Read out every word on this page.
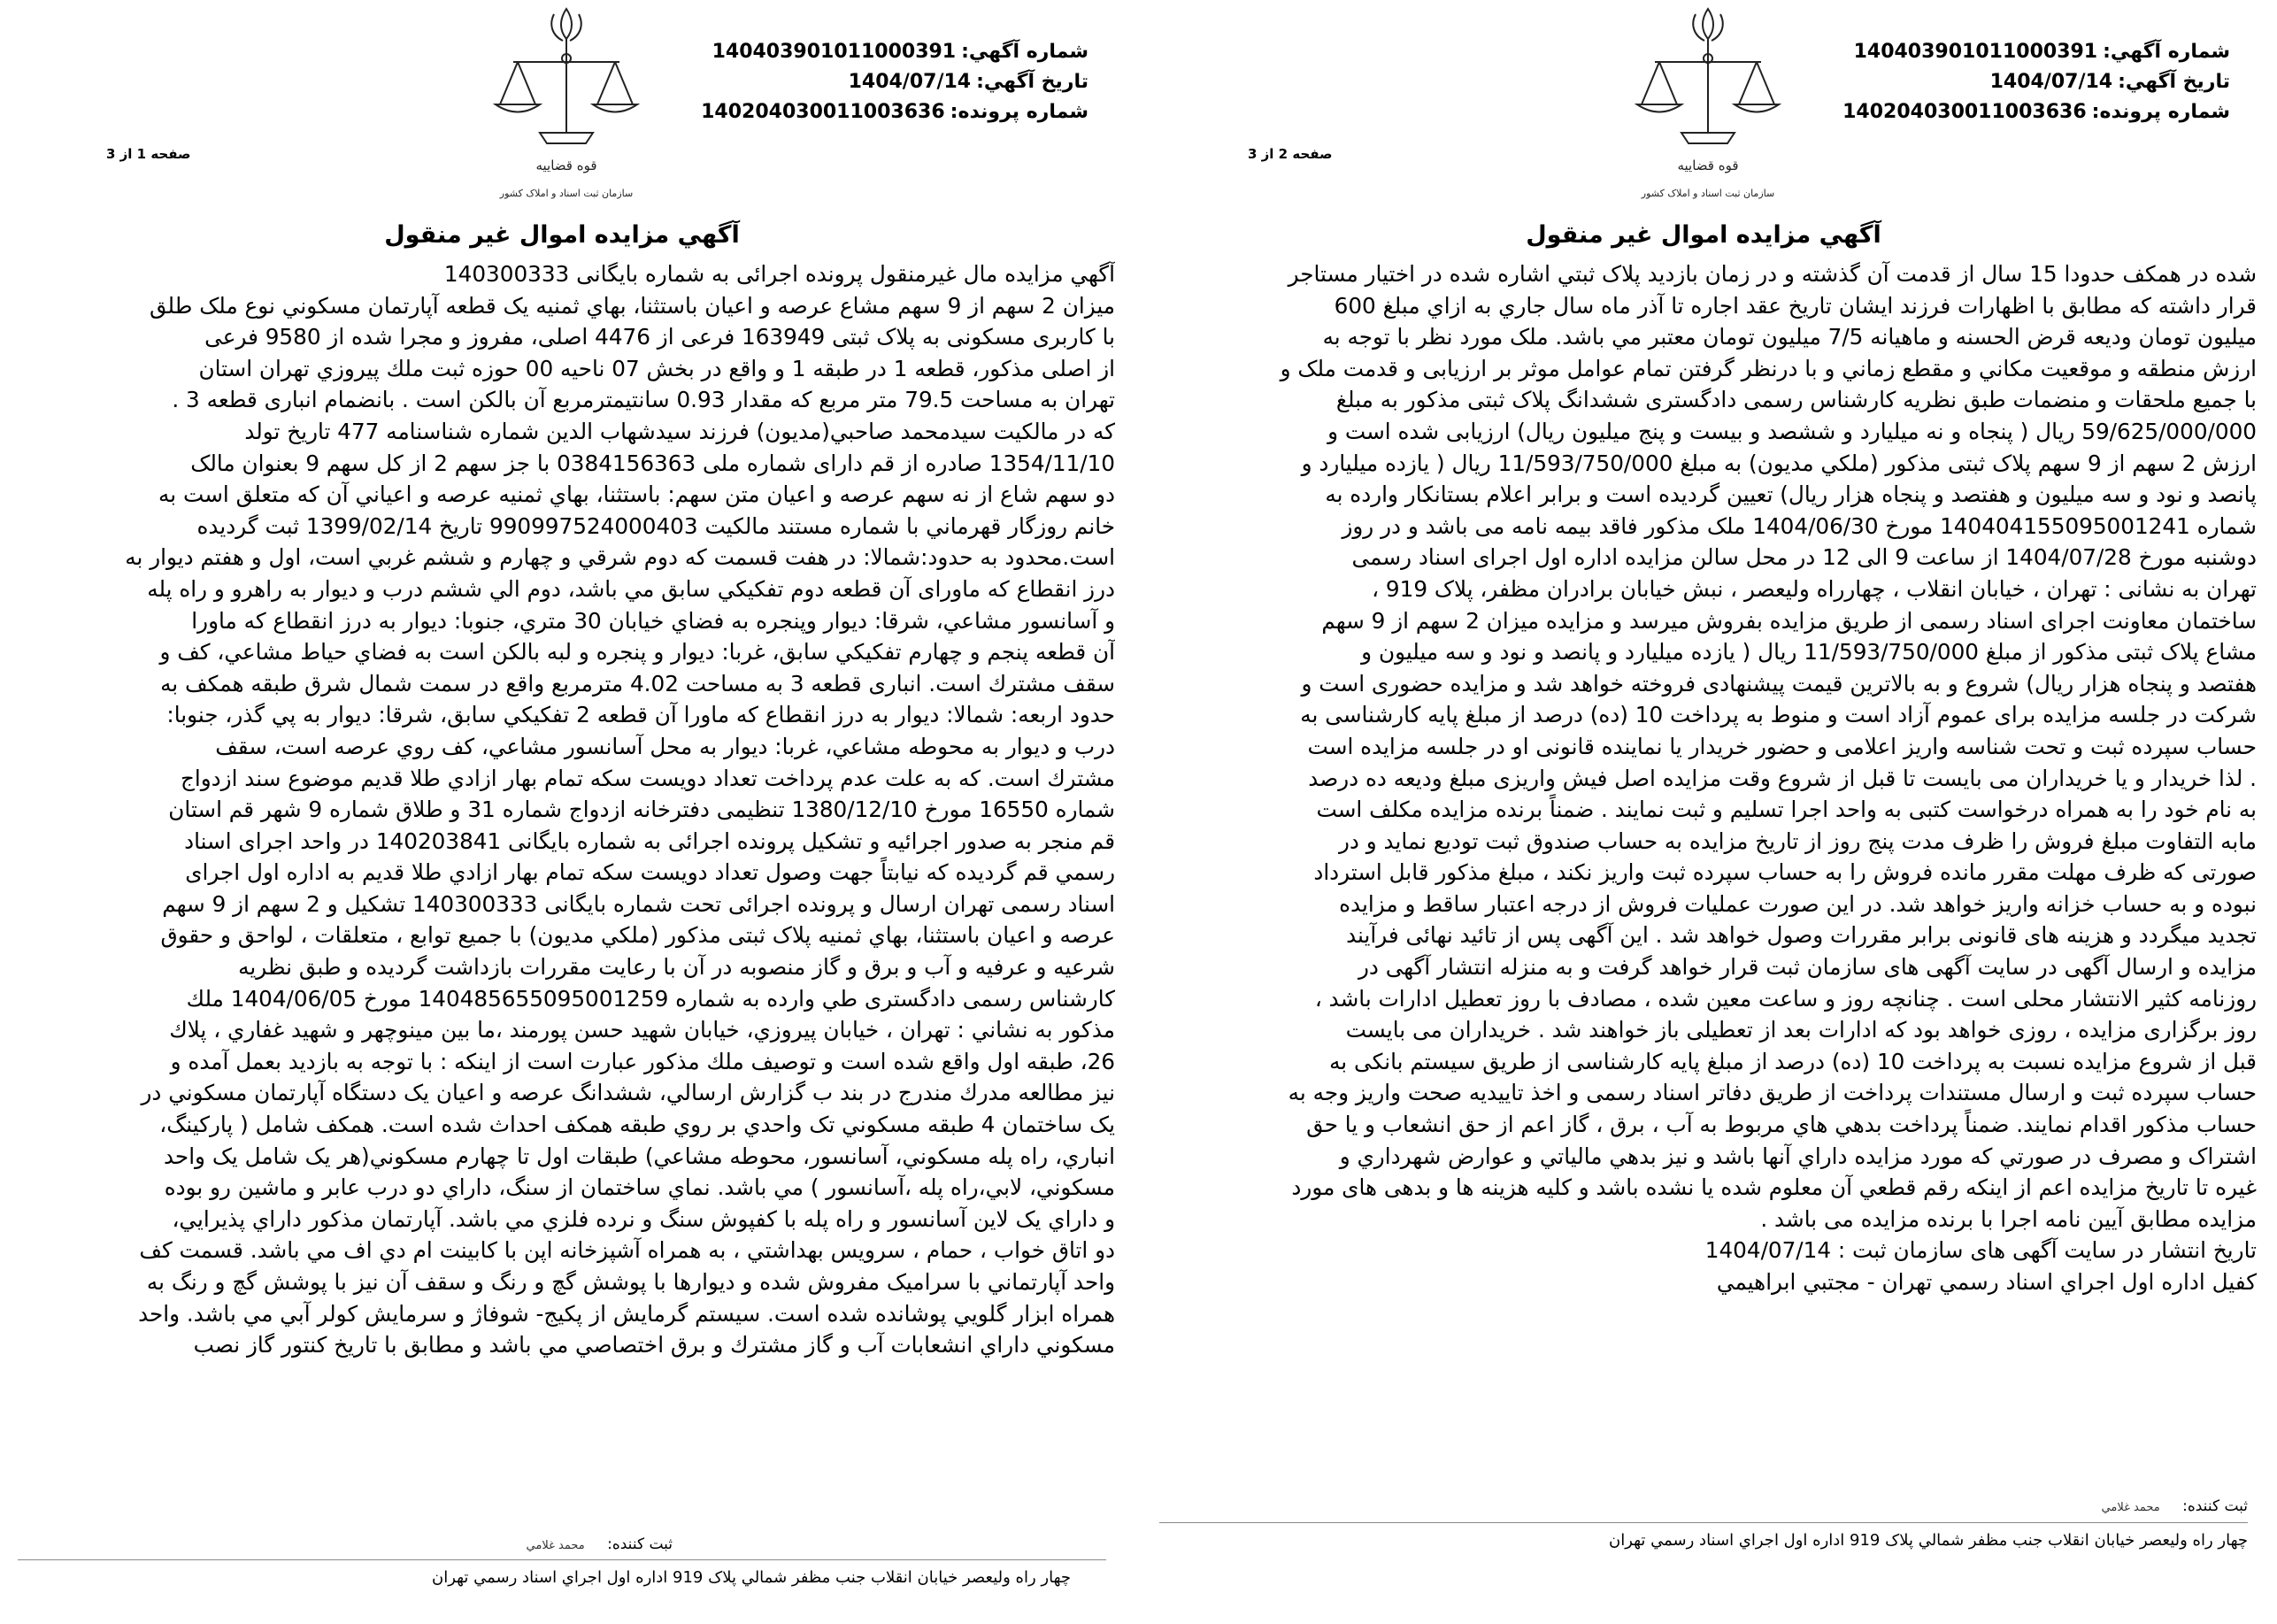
شماره آگهي:140403901011000391
تاريخ آگهي:1404/07/14
شماره پرونده:140204030011003636
قوه قضاییه
سازمان ثبت اسناد و املاک کشور
صفحه 1 از 3
آگهي مزايده اموال غير منقول
آگهي مزايده مال غيرمنقول پرونده اجرائی به شماره بايگانی 140300333
ميزان 2 سهم از 9 سهم مشاع عرصه و اعيان باستثنا، بهاي ثمنيه يک قطعه آپارتمان مسكوني نوع ملک طلق
با کاربری مسکونی به پلاک ثبتی 163949 فرعی از 4476 اصلی، مفروز و مجرا شده از 9580 فرعی
از اصلی مذکور، قطعه 1 در طبقه 1 و واقع در بخش 07 ناحيه 00 حوزه ثبت ملك پيروزي تهران استان
تهران به مساحت 79.5 متر مربع که مقدار 0.93 سانتيمترمربع آن بالكن است . بانضمام انباری قطعه 3 .
كه در مالکيت سيدمحمد صاحبي(مدیون) فرزند سيدشهاب الدين شماره شناسنامه 477 تاريخ تولد
1354/11/10 صادره از قم دارای شماره ملی 0384156363 با جز سهم 2 از کل سهم 9 بعنوان مالک
دو سهم شاع از نه سهم عرصه و اعيان متن سهم: باستثنا، بهاي ثمنيه عرصه و اعياني آن كه متعلق است به
خانم روزگار قهرماني با شماره مستند مالكيت 990997524000403 تاريخ 1399/02/14 ثبت گرديده
است.محدود به حدود:شمالا: در هفت قسمت كه دوم شرقي و چهارم و ششم غربي است، اول و هفتم ديوار به
درز انقطاع كه ماوراى آن قطعه دوم تفكيكي سابق مي باشد، دوم الي ششم درب و ديوار به راهرو و راه پله
و آسانسور مشاعي، شرقا: ديوار وپنجره به فضاي خيابان 30 متري، جنوبا: ديوار به درز انقطاع كه ماورا
آن قطعه پنجم و چهارم تفكيكي سابق، غربا: ديوار و پنجره و لبه بالكن است به فضاي حياط مشاعي، كف و
سقف مشترك است. انبارى قطعه 3 به مساحت 4.02 مترمربع واقع در سمت شمال شرق طبقه همكف به
حدود اربعه: شمالا: ديوار به درز انقطاع كه ماورا آن قطعه 2 تفكيكي سابق، شرقا: ديوار به پي گذر، جنوبا:
درب و ديوار به محوطه مشاعي، غربا: ديوار به محل آسانسور مشاعي، كف روي عرصه است، سقف
مشترك است. كه به علت عدم پرداخت تعداد دويست سكه تمام بهار ازادي طلا قديم موضوع سند ازدواج
شماره 16550 مورخ 1380/12/10 تنظيمی دفترخانه ازدواج شماره 31 و طلاق شماره 9 شهر قم استان
قم منجر به صدور اجرائيه و تشکیل پرونده اجرائی به شماره بایگانی 140203841 در واحد اجرای اسناد
رسمي قم گرديده كه نيابتاً جهت وصول تعداد دويست سكه تمام بهار ازادي طلا قديم به اداره اول اجرای
اسناد رسمی تهران ارسال و پرونده اجرائی تحت شماره بایگانی 140300333 تشکیل و 2 سهم از 9 سهم
عرصه و اعيان باستثنا، بهاي ثمنيه پلاک ثبتی مذکور (ملكي مديون) با جميع توابع ، متعلقات ، لواحق و حقوق
شرعيه و عرفيه و آب و برق و گاز منصوبه در آن با رعايت مقررات بازداشت گرديده و طبق نظريه
کارشناس رسمی دادگستری طي وارده به شماره 14048565509500125​9 مورخ 1404/06/05 ملك
مذكور به نشاني : تهران ، خيابان پيروزي، خيابان شهيد حسن پورمند ،ما بين مينوچهر و شهيد غفاري ، پلاك
26، طبقه اول واقع شده است و توصيف ملك مذكور عبارت است از اينكه : با توجه به بازديد بعمل آمده و
نيز مطالعه مدرك مندرج در بند ب گزارش ارسالي، ششدانگ عرصه و اعيان يک دستگاه آپارتمان مسكوني در
يک ساختمان 4 طبقه مسكوني تک واحدي بر روي طبقه همكف احداث شده است. همكف شامل ( پاركينگ،
انباري، راه پله مسكوني، آسانسور، محوطه مشاعي) طبقات اول تا چهارم مسكوني(هر يک شامل يک واحد
مسكوني، لابي،راه پله ،آسانسور ) مي باشد. نماي ساختمان از سنگ، داراي دو درب عابر و ماشين رو بوده
و داراي يک لاين آسانسور و راه پله با كفپوش سنگ و نرده فلزي مي باشد. آپارتمان مذكور داراي پذيرايي،
دو اتاق خواب ، حمام ، سرويس بهداشتي ، به همراه آشپزخانه اپن با كابينت ام دي اف مي باشد. قسمت كف
واحد آپارتماني با سراميک مفروش شده و ديوارها با پوشش گچ و رنگ و سقف آن نيز با پوشش گچ و رنگ به
همراه ابزار گلويي پوشانده شده است. سيستم گرمايش از پكيج- شوفاژ و سرمايش كولر آبي مي باشد. واحد
مسكوني داراي انشعابات آب و گاز مشترك و برق اختصاصي مي باشد و مطابق با تاريخ كنتور گاز نصب
ثبت کننده: محمد غلامي
چهار راه وليعصر خيابان انقلاب جنب مظفر شمالي پلاک 919 اداره اول اجراي اسناد رسمي تهران
شماره آگهي:140403901011000391
تاريخ آگهي:1404/07/14
شماره پرونده:140204030011003636
قوه قضاییه
سازمان ثبت اسناد و املاک کشور
صفحه 2 از 3
آگهي مزايده اموال غير منقول
شده در همكف حدودا 15 سال از قدمت آن گذشته و در زمان بازديد پلاک ثبتي اشاره شده در اختيار مستاجر
قرار داشته كه مطابق با اظهارات فرزند ايشان تاريخ عقد اجاره تا آذر ماه سال جاري به ازاي مبلغ 600
ميليون تومان وديعه قرض الحسنه و ماهيانه 7/5 ميليون تومان معتبر مي باشد. ملک مورد نظر با توجه به
ارزش منطقه و موقعيت مكاني و مقطع زماني و با درنظر گرفتن تمام عوامل موثر بر ارزيابی و قدمت ملک و
با جميع ملحقات و منضمات طبق نظریه کارشناس رسمی دادگستری ششدانگ پلاک ثبتی مذکور به مبلغ
59/625/000/000 ريال ( پنجاه و نه ميليارد و ششصد و بيست و پنج ميليون ريال) ارزيابی شده است و
ارزش 2 سهم از 9 سهم پلاک ثبتی مذکور (ملكي مديون) به مبلغ 11/593/750/000 ريال ( يازده ميليارد و
پانصد و نود و سه ميليون و هفتصد و پنجاه هزار ريال) تعيين گرديده است و برابر اعلام بستانکار وارده به
شماره 140404155095001241 مورخ 1404/06/30 ملک مذکور فاقد بیمه نامه می باشد و در روز
دوشنبه مورخ 1404/07/28 از ساعت 9 الی 12 در محل سالن مزايده اداره اول اجرای اسناد رسمی
تهران به نشانی : تهران ، خيابان انقلاب ، چهارراه وليعصر ، نبش خيابان برادران مظفر، پلاک 919 ،
ساختمان معاونت اجرای اسناد رسمی از طريق مزايده بفروش ميرسد و مزايده ميزان 2 سهم از 9 سهم
مشاع پلاک ثبتی مذکور از مبلغ 11/593/750/000 ريال ( يازده ميليارد و پانصد و نود و سه ميليون و
هفتصد و پنجاه هزار ريال) شروع و به بالاترين قيمت پيشنهادی فروخته خواهد شد و مزايده حضوری است و
شركت در جلسه مزايده برای عموم آزاد است و منوط به پرداخت 10 (ده) درصد از مبلغ پایه کارشناسی به
حساب سپرده ثبت و تحت شناسه واریز اعلامی و حضور خريدار يا نماينده قانونی او در جلسه مزايده است
. لذا خریدار و یا خریداران می بایست تا قبل از شروع وقت مزایده اصل فیش واریزی مبلغ ودیعه ده درصد
به نام خود را به همراه درخواست کتبی به واحد اجرا تسليم و ثبت نمایند . ضمناً برنده مزايده مكلف است
مابه التفاوت مبلغ فروش را ظرف مدت پنج روز از تاريخ مزايده به حساب صندوق ثبت توديع نمايد و در
صورتی كه ظرف مهلت مقرر مانده فروش را به حساب سپرده ثبت واریز نكند ، مبلغ مذكور قابل استرداد
نبوده و به حساب خزانه واريز خواهد شد. در اين صورت عمليات فروش از درجه اعتبار ساقط و مزايده
تجديد میگردد و هزينه های قانونی برابر مقررات وصول خواهد شد . این آگهی پس از تائيد نهائی فرآيند
مزايده و ارسال آگهی در سايت آگهی های سازمان ثبت قرار خواهد گرفت و به منزله انتشار آگهی در
روزنامه كثير الانتشار محلی است . چنانچه روز و ساعت معين شده ، مصادف با روز تعطيل ادارات باشد ،
روز برگزاری مزايده ، روزی خواهد بود كه ادارات بعد از تعطيلی باز خواهند شد . خريداران می بايست
قبل از شروع مزايده نسبت به پرداخت 10 (ده) درصد از مبلغ پایه کارشناسی از طریق سیستم بانکی به
حساب سپرده ثبت و ارسال مستندات پرداخت از طريق دفاتر اسناد رسمی و اخذ تاييديه صحت واریز وجه به
حساب مذكور اقدام نمايند. ضمناً پرداخت بدهي هاي مربوط به آب ، برق ، گاز اعم از حق انشعاب و يا حق
اشتراک و مصرف در صورتي كه مورد مزايده داراي آنها باشد و نيز بدهي مالياتي و عوارض شهرداري و
غيره تا تاريخ مزايده اعم از اينكه رقم قطعي آن معلوم شده يا نشده باشد و كليه هزينه ها و بدهی های مورد
مزايده مطابق آيين نامه اجرا با برنده مزايده می باشد .
تاريخ انتشار در سايت آگهی های سازمان ثبت : 1404/07/14
كفيل اداره اول اجراي اسناد رسمي تهران - مجتبي ابراهيمي
ثبت کننده: محمد غلامي
چهار راه وليعصر خيابان انقلاب جنب مظفر شمالي پلاک 919 اداره اول اجراي اسناد رسمي تهران
